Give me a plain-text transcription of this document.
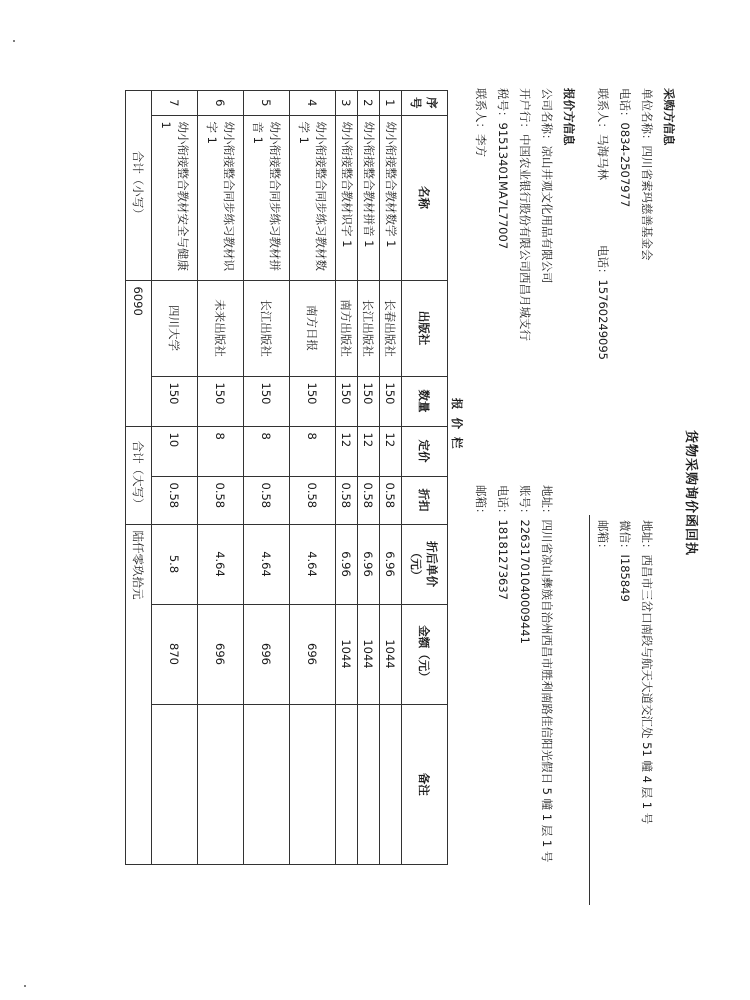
货物采购询价函回执
采购方信息
单位名称：四川省索玛慈善基金会
电话：0834-2507977
联系人：马海马林
电话：15760249095
地址：西昌市三岔口南段与航天大道交汇处 51 幢 4 层 1 号
微信：I185849
邮箱：
报价方信息
公司名称：凉山井观文化用品有限公司
开户行：中国农业银行股份有限公司西昌月城支行
税号：91513401MA7L77007
联系人：李方
地址：四川省凉山彝族自治州西昌市胜利南路佳信阳光假日 5 幢 1 层 1 号
账号：22631701040009441
电话：18181273637
邮箱：
报 价 栏
序号	名称	出版社	数量	定价	折扣	折后单价（元）	金额（元）	备注
1	幼小衔接整合教材数学 1	长春出版社	150	12	0.58	6.96	1044	
2	幼小衔接整合教材拼音 1	长江出版社	150	12	0.58	6.96	1044	
3	幼小衔接整合教材识字 1	南方出版社	150	12	0.58	6.96	1044	
4	幼小衔接整合同步练习教材数学 1	南方日报	150	8	0.58	4.64	696	
5	幼小衔接整合同步练习教材拼音 1	长江出版社	150	8	0.58	4.64	696	
6	幼小衔接整合同步练习教材识字 1	未来出版社	150	8	0.58	4.64	696	
7	幼小衔接整合教材安全与健康 1	四川大学	150	10	0.58	5.8	870	
合计（小写）		6090		合计（大写）		陆仟零玖拾元		
